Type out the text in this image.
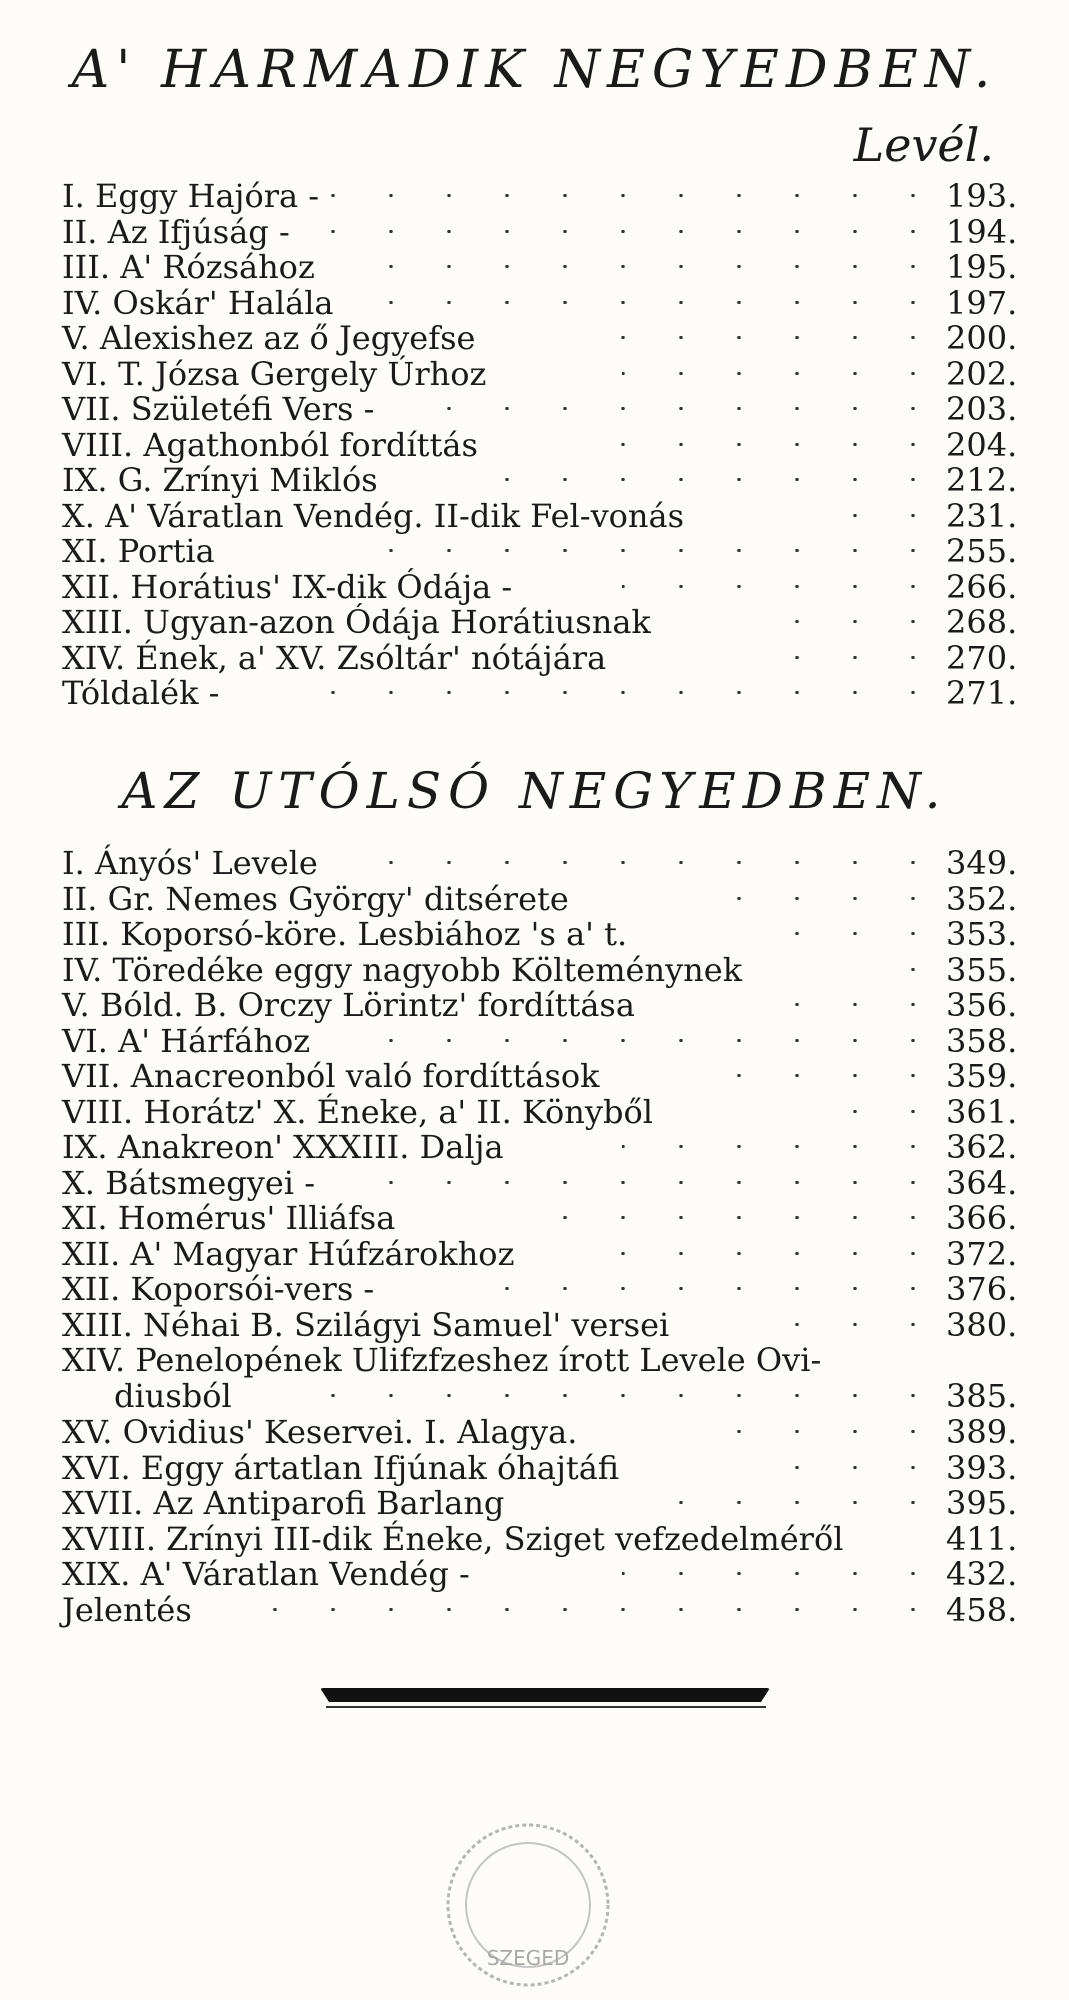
A' HARMADIK NEGYEDBEN.
Levél.
I. Eggy Hajóra -	193.
II. Az Ifjúság -	194.
III. A' Rózsához	195.
IV. Oskár' Halála	197.
V. Alexishez az ő Jegyefse	200.
VI. T. Józsa Gergely Úrhoz	202.
VII. Születéfi Vers -	203.
VIII. Agathonból fordíttás	204.
IX. G. Zrínyi Miklós	212.
X. A' Váratlan Vendég. II-dik Fel-vonás	231.
XI. Portia	255.
XII. Horátius' IX-dik Ódája -	266.
XIII. Ugyan-azon Ódája Horátiusnak	268.
XIV. Ének, a' XV. Zsóltár' nótájára	270.
Tóldalék -	271.
AZ UTÓLSÓ NEGYEDBEN.
I. Ányós' Levele	349.
II. Gr. Nemes György' ditsérete	352.
III. Koporsó-köre. Lesbiához 's a' t.	353.
IV. Töredéke eggy nagyobb Költeménynek	355.
V. Bóld. B. Orczy Lörintz' fordíttása	356.
VI. A' Hárfához	358.
VII. Anacreonból való fordíttások	359.
VIII. Horátz' X. Éneke, a' II. Könyből	361.
IX. Anakreon' XXXIII. Dalja	362.
X. Bátsmegyei -	364.
XI. Homérus' Illiáfsa	366.
XII. A' Magyar Húfzárokhoz	372.
XII. Koporsói-vers -	376.
XIII. Néhai B. Szilágyi Samuel' versei	380.
XIV. Penelopének Ulifzfzeshez írott Levele Ovi-
diusból	385.
XV. Ovidius' Keservei. I. Alagya.	389.
XVI. Eggy ártatlan Ifjúnak óhajtáfi	393.
XVII. Az Antiparofi Barlang	395.
XVIII. Zrínyi III-dik Éneke, Sziget vefzedelméről	411.
XIX. A' Váratlan Vendég -	432.
Jelentés	458.
SZEGED
